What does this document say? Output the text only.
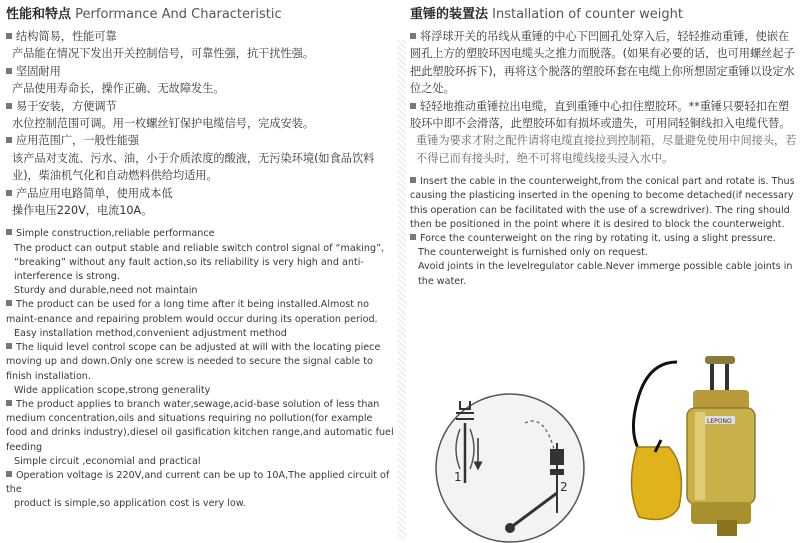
性能和特点 Performance And Characteristic
结构简易，性能可靠
产品能在情况下发出开关控制信号，可靠性强，抗干扰性强。
坚固耐用
产品使用寿命长，操作正确、无故障发生。
易于安装，方便调节
水位控制范围可调。用一枚螺丝钉保护电缆信号，完成安装。
应用范围广，一般性能强
该产品对支流、污水、油，小于介质浓度的酸液，无污染环境(如食品饮料业)，柴油机气化和自动燃料供给均适用。
产品应用电路简单，使用成本低
操作电压220V，电流10A。
Simple construction,reliable performance
The product can output stable and reliable switch control signal of “making”, “breaking” without any fault action,so its reliability is very high and anti-interference is strong.
Sturdy and durable,need not maintain
The product can be used for a long time after it being installed.Almost no maint-enance and repairing problem would occur during its operation period.
Easy installation method,convenient adjustment method
The liquid level control scope can be adjusted at will with the locating piece moving up and down.Only one screw is needed to secure the signal cable to finish installation.
Wide application scope,strong generality
The product applies to branch water,sewage,acid-base solution of less than medium concentration,oils and situations requiring no pollution(for example food and drinks industry),diesel oil gasification kitchen range,and automatic fuel feeding
Simple circuit ,economial and practical
Operation voltage is 220V,and current can be up to 10A,The applied circuit of the
product is simple,so application cost is very low.
重锤的装置法 Installation of counter weight
将浮球开关的吊线从重锤的中心下凹圆孔处穿入后，轻轻推动重锤，使嵌在圆孔上方的塑胶环因电缆头之推力而脱落。(如果有必要的话，也可用螺丝起子把此塑胶环拆下)，再将这个脱落的塑胶环套在电缆上你所想固定重锤以设定水位之处。
轻轻地推动重锤拉出电缆，直到重锤中心扣住塑胶环。**重锤只要轻扣在塑胶环中即不会滑落，此塑胶环如有损坏或遗失，可用同轻铜线扣入电缆代替。
重锤为要求才附之配件请将电缆直接拉到控制箱，尽量避免使用中间接头，若不得已而有接头时，绝不可将电缆线接头浸入水中。
Insert the cable in the counterweight,from the conical part and rotate is. Thus causing the plasticing inserted in the opening to become detached(if necessary this operation can be facilitated with the use of a screwdriver). The ring should then be positioned in the point where it is desired to block the counterweight.
Force the counterweight on the ring by rotating it, using a slight pressure.
The counterweight is furnished only on request.
Avoid joints in the levelregulator cable.Never immerge possible cable joints in the water.
1
2
LEPONO
